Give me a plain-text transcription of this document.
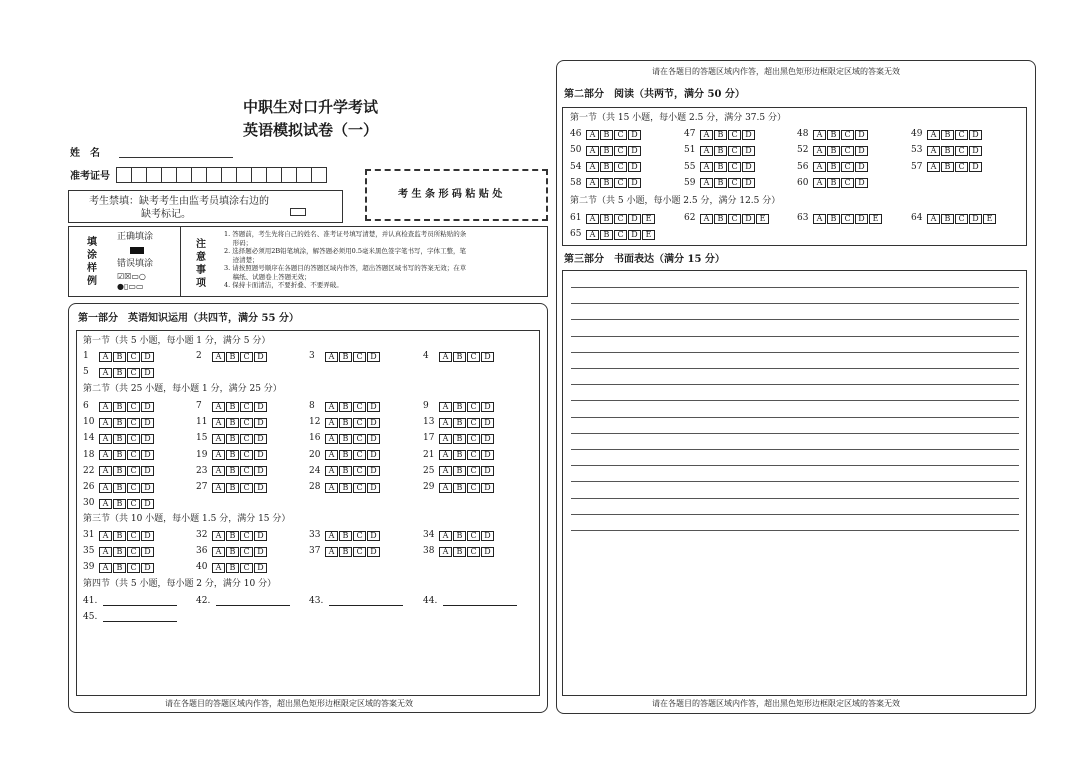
中职生对口升学考试
英语模拟试卷（一）
姓　名
准考证号
考生禁填：缺考考生由监考员填涂右边的
缺考标记。
考 生 条 形 码 粘 贴 处
填
涂
样
例
正确填涂
错误填涂
☑☒▭○
●▯▭▭
注
意
事
项
1. 答题前，考生先将自己的姓名、准考证号填写清楚，并认真检查监考员所粘贴的条
　 形码；
2. 选择题必须用2B铅笔填涂，解答题必须用0.5毫米黑色签字笔书写，字体工整，笔
　 迹清楚；
3. 请按照题号顺序在各题目的答题区域内作答，超出答题区域书写的答案无效；在草
　 稿纸、试题卷上答题无效；
4. 保持卡面清洁，不要折叠、不要弄破。
第一部分　英语知识运用（共四节，满分 55 分）
请在各题目的答题区域内作答，超出黑色矩形边框限定区域的答案无效
第一节（共 5 小题，每小题 1 分，满分 5 分）
第二节（共 25 小题，每小题 1 分，满分 25 分）
第三节（共 10 小题，每小题 1.5 分，满分 15 分）
第四节（共 5 小题，每小题 2 分，满分 10 分）
1	A	B	C D	2	A	B	C D	3	A	B	C D	4	A	B	C D
5	A	B	C D
6	A	B	C D	7	A	B	C D	8	A	B	C D	9	A	B	C D
10	A	B	C D	11	A	B	C D	12	A	B	C D	13	A	B	C D
14	A	B	C D	15	A	B	C D	16	A	B	C D	17	A	B	C D
18	A	B	C D	19	A	B	C D	20	A	B	C D	21	A	B	C D
22	A	B	C D	23	A	B	C D	24	A	B	C D	25	A	B	C D
26	A	B	C D	27	A	B	C D	28	A	B	C D	29	A	B	C D
30	A	B	C D
31	A	B	C D	32	A	B	C D	33	A	B	C D	34	A	B	C D
35	A	B	C D	36	A	B	C D	37	A	B	C D	38	A	B	C D
39	A	B	C D	40	A	B	C D
41.	42.	43.	44.
45.
请在各题目的答题区域内作答，超出黑色矩形边框限定区域的答案无效
第二部分　阅读（共两节，满分 50 分）
第一节（共 15 小题，每小题 2.5 分，满分 37.5 分）
第二节（共 5 小题，每小题 2.5 分，满分 12.5 分）
46	A	B	C D	47	A	B	C D	48	A	B	C D	49	A	B	C D
50	A	B	C D	51	A	B	C D	52	A	B	C D	53	A	B	C D
54	A	B	C D	55	A	B	C D	56	A	B	C D	57	A	B	C D
58	A	B	C D	59	A	B	C D	60	A	B	C D
61	A	B	C D E	62	A	B	C D E	63	A	B	C D E	64	A	B	C D E
65	A	B	C D E
第三部分　书面表达（满分 15 分）
请在各题目的答题区域内作答，超出黑色矩形边框限定区域的答案无效
